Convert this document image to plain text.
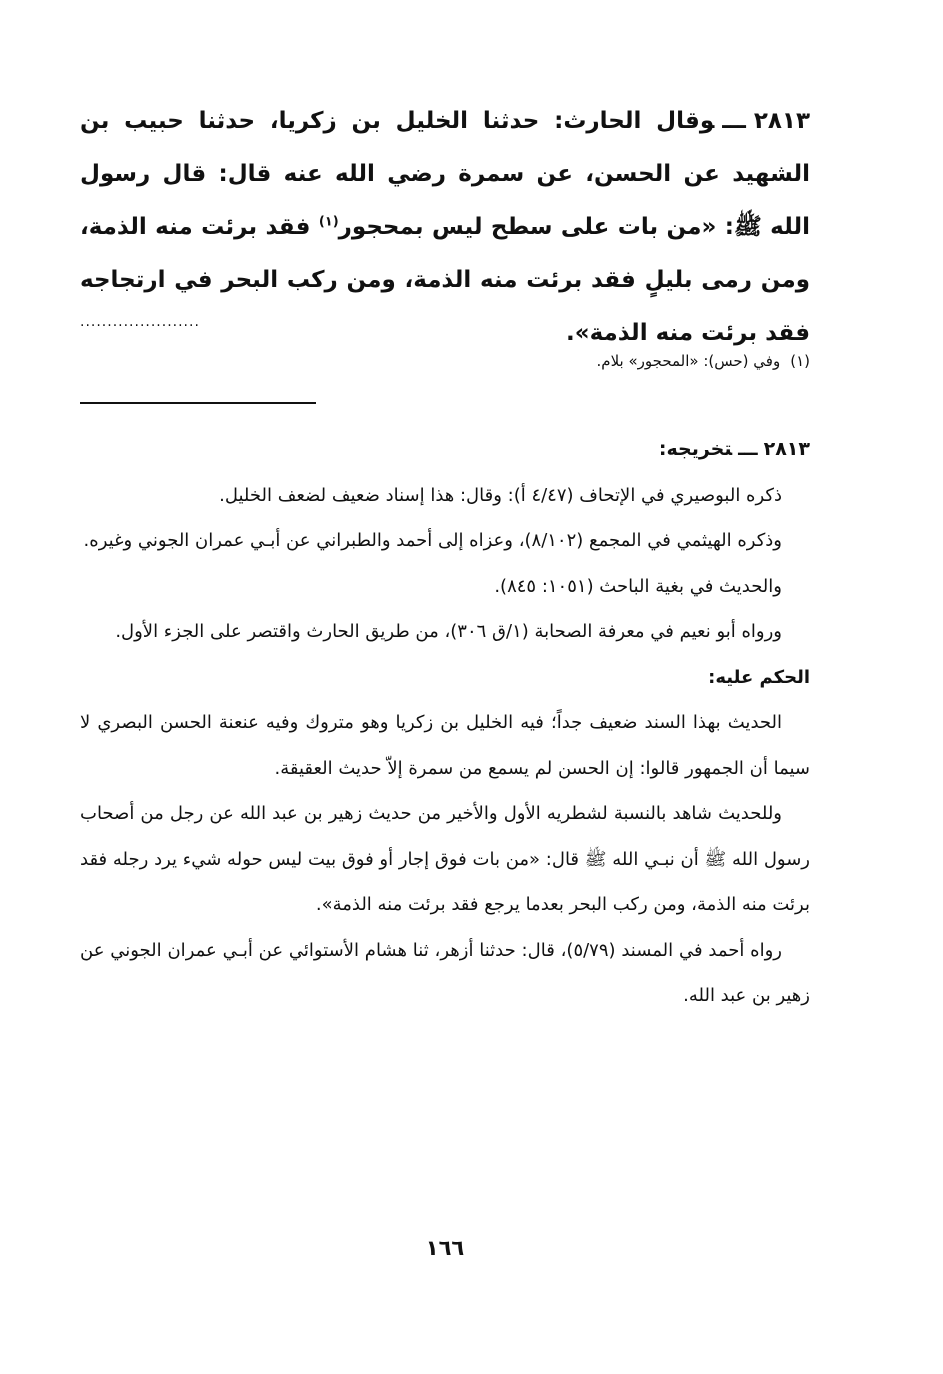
٢٨١٣ـــوقال الحارث: حدثنا الخليل بن زكريا، حدثنا حبيب بن الشهيد عن الحسن، عن سمرة رضي الله عنه قال: قال رسول الله ﷺ: «من بات على سطح ليس بمحجور$^{(١)}$ فقد برئت منه الذمة، ومن رمى بليلٍ فقد برئت منه الذمة، ومن ركب البحر في ارتجاجه فقد برئت منه الذمة».
......................
(١)وفي (حس): «المحجور» بلام.

٢٨١٣ـــتخريجه:

ذكره البوصيري في الإتحاف (٤/٤٧ أ): وقال: هذا إسناد ضعيف لضعف الخليل.

وذكره الهيثمي في المجمع (٨/١٠٢)، وعزاه إلى أحمد والطبراني عن أبـي عمران الجوني وغيره.

والحديث في بغية الباحث (١٠٥١: ٨٤٥).

ورواه أبو نعيم في معرفة الصحابة (١/ق ٣٠٦)، من طريق الحارث واقتصر على الجزء الأول.

الحكم عليه:

الحديث بهذا السند ضعيف جداً؛ فيه الخليل بن زكريا وهو متروك وفيه عنعنة الحسن البصري لا سيما أن الجمهور قالوا: إن الحسن لم يسمع من سمرة إلاّ حديث العقيقة.

وللحديث شاهد بالنسبة لشطريه الأول والأخير من حديث زهير بن عبد الله عن رجل من أصحاب رسول الله ﷺ أن نبـي الله ﷺ قال: «من بات فوق إجار أو فوق بيت ليس حوله شيء يرد رجله فقد برئت منه الذمة، ومن ركب البحر بعدما يرجع فقد برئت منه الذمة».

رواه أحمد في المسند (٥/٧٩)، قال: حدثنا أزهر، ثنا هشام الأستوائي عن أبـي عمران الجوني عن زهير بن عبد الله.

١٦٦
